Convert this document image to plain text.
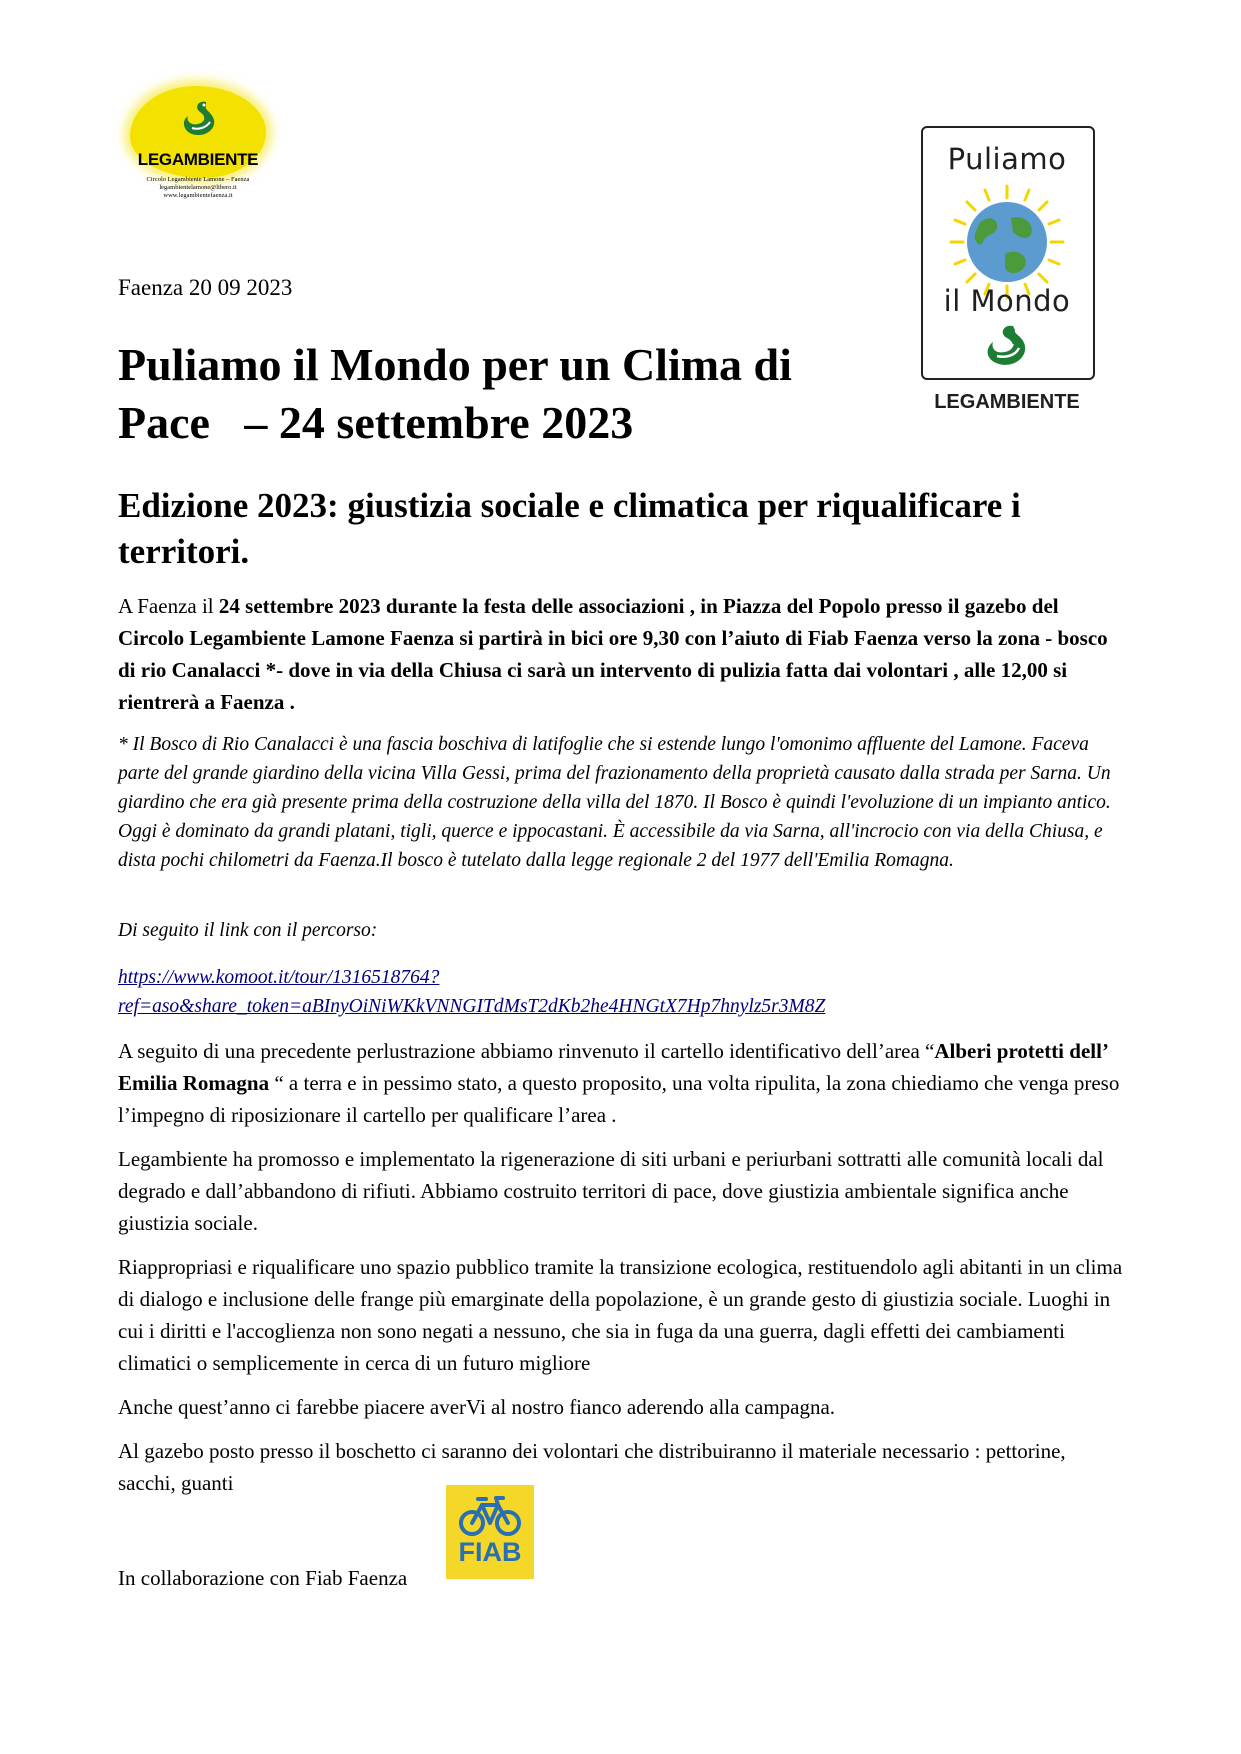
LEGAMBIENTE
Circolo Legambiente Lamone – Faenza
legambientelamone@libero.it
www.legambientefaenza.it
Puliamo
il Mondo
LEGAMBIENTE
Faenza 20 09 2023
Puliamo il Mondo per un Clima di
Pace   – 24 settembre 2023
Edizione 2023: giustizia sociale e climatica per riqualificare i territori.

A Faenza il 24 settembre 2023 durante la festa delle associazioni , in Piazza del Popolo presso il gazebo del Circolo Legambiente Lamone Faenza si partirà in bici ore 9,30 con l’aiuto di Fiab Faenza verso la zona - bosco di rio Canalacci *- dove in via della Chiusa ci sarà un intervento di pulizia fatta dai volontari , alle 12,00 si rientrerà a Faenza .

* Il Bosco di Rio Canalacci è una fascia boschiva di latifoglie che si estende lungo l'omonimo affluente del Lamone. Faceva parte del grande giardino della vicina Villa Gessi, prima del frazionamento della proprietà causato dalla strada per Sarna. Un giardino che era già presente prima della costruzione della villa del 1870. Il Bosco è quindi l'evoluzione di un impianto antico. Oggi è dominato da grandi platani, tigli, querce e ippocastani. È accessibile da via Sarna, all'incrocio con via della Chiusa, e dista pochi chilometri da Faenza.Il bosco è tutelato dalla legge regionale 2 del 1977 dell'Emilia Romagna.

Di seguito il link con il percorso:

https://www.komoot.it/tour/1316518764?
ref=aso&share_token=aBInyOiNiWKkVNNGITdMsT2dKb2he4HNGtX7Hp7hnylz5r3M8Z

A seguito di una precedente perlustrazione abbiamo rinvenuto il cartello identificativo dell’area “Alberi protetti dell’ Emilia Romagna “ a terra e in pessimo stato, a questo proposito, una volta ripulita, la zona chiediamo che venga preso l’impegno di riposizionare il cartello per qualificare l’area .

Legambiente ha promosso e implementato la rigenerazione di siti urbani e periurbani sottratti alle comunità locali dal degrado e dall’abbandono di rifiuti. Abbiamo costruito territori di pace, dove giustizia ambientale significa anche giustizia sociale.

Riappropriasi e riqualificare uno spazio pubblico tramite la transizione ecologica, restituendolo agli abitanti in un clima di dialogo e inclusione delle frange più emarginate della popolazione, è un grande gesto di giustizia sociale. Luoghi in cui i diritti e l'accoglienza non sono negati a nessuno, che sia in fuga da una guerra, dagli effetti dei cambiamenti climatici o semplicemente in cerca di un futuro migliore

Anche quest’anno ci farebbe piacere averVi al nostro fianco aderendo alla campagna.

Al gazebo posto presso il boschetto ci saranno dei volontari che distribuiranno il materiale necessario : pettorine, sacchi, guanti

In collaborazione con Fiab Faenza
FIAB
